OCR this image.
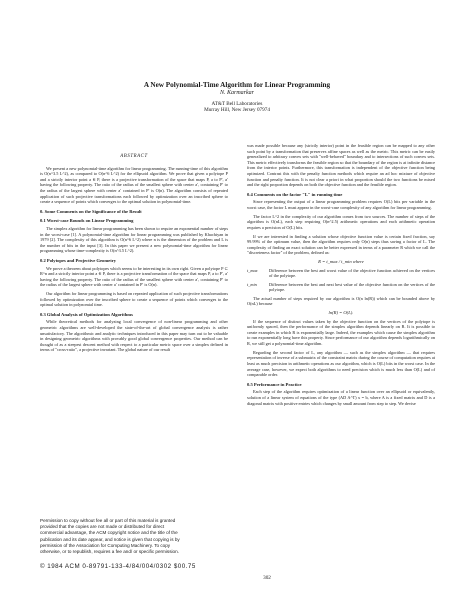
A New Polynomial-Time Algorithm for Linear Programming
N. Karmarkar
AT&T Bell Laboratories
Murray Hill, New Jersey 07974
ABSTRACT

We present a new polynomial-time algorithm for linear programming. The running-time of this algorithm is O(n^3.5 L^2), as compared to O(n^6 L^2) for the ellipsoid algorithm. We prove that given a polytope P and a strictly interior point a ∈ P, there is a projective transformation of the space that maps P, a to P′, a′ having the following property. The ratio of the radius of the smallest sphere with center a′, containing P′ to the radius of the largest sphere with center a′ contained in P′ is O(n). The algorithm consists of repeated application of such projective transformations each followed by optimization over an inscribed sphere to create a sequence of points which converges to the optimal solution in polynomial-time.

0. Some Comments on the Significance of the Result
0.1 Worst-case Bounds on Linear Programming

The simplex algorithm for linear programming has been shown to require an exponential number of steps in the worst-case [1]. A polynomial-time algorithm for linear programming was published by Khachiyan in 1979 [2]. The complexity of this algorithm is O(n^6 L^2) where n is the dimension of the problem and L is the number of bits in the input [3]. In this paper we present a new polynomial-time algorithm for linear programming whose time-complexity is O(n^3.5 L^2).

0.2 Polytopes and Projective Geometry

We prove a theorem about polytopes which seems to be interesting in its own right. Given a polytope P ⊂ R^n and a strictly interior point a ∈ P, there is a projective transformation of the space that maps P, a to P′, a′ having the following property. The ratio of the radius of the smallest sphere with center a′, containing P′ to the radius of the largest sphere with center a′ contained in P′ is O(n).

Our algorithm for linear programming is based on repeated application of such projective transformations followed by optimization over the inscribed sphere to create a sequence of points which converges to the optimal solution in polynomial time.

0.3 Global Analysis of Optimization Algorithms

While theoretical methods for analyzing local convergence of non-linear programming and other geometric algorithms are well-developed the state-of-the-art of global convergence analysis is rather unsatisfactory. The algorithmic and analytic techniques introduced in this paper may turn out to be valuable in designing geometric algorithms with provably good global convergence properties. Our method can be thought of as a steepest descent method with respect to a particular metric space over a simplex defined in terms of "cross-ratio", a projective invariant. The global nature of our result

was made possible because any (strictly interior) point in the feasible region can be mapped to any other such point by a transformation that preserves affine spaces as well as the metric. This metric can be easily generalized to arbitrary convex sets with "well-behaved" boundary and to intersections of such convex sets. This metric effectively transforms the feasible region so that the boundary of the region is at infinite distance from the interior points. Furthermore, this transformation is independent of the objective function being optimized. Contrast this with the penalty function methods which require an ad hoc mixture of objective function and penalty function. It is not clear a priori in what proportion should the two functions be mixed and the right proportion depends on both the objective function and the feasible region.

0.4 Comments on the factor "L" in running time

Since representing the output of a linear programming problem requires O(L) bits per variable in the worst case, the factor L must appear in the worst-case complexity of any algorithm for linear programming.

The factor L^2 in the complexity of our algorithm comes from two sources. The number of steps of the algorithm is O(nL), each step requiring O(n^2.5) arithmetic operations and each arithmetic operation requires a precision of O(L) bits.

If we are interested in finding a solution whose objective function value is certain fixed fraction, say 99.99% of the optimum value, then the algorithm requires only O(n) steps thus saving a factor of L. The complexity of finding an exact solution can be better expressed in terms of a parameter R which we call the "discreteness factor" of the problem, defined as:

R = t_max / t_min where
t_max	Difference between the best and worst value of the objective function achieved on the vertices of the polytope.
t_min	Difference between the best and next best value of the objective function on the vertices of the polytope.

The actual number of steps required by our algorithm is O(n ln(R)) which can be bounded above by O(nL) because

ln(R) = O(L).

If the sequence of distinct values taken by the objective function on the vertices of the polytope is uniformly spaced, then the performance of the simplex algorithm depends linearly on R. It is possible to create examples in which R is exponentially large. Indeed, the examples which cause the simplex algorithm to run exponentially long have this property. Since performance of our algorithm depends logarithmically on R, we still get a polynomial-time algorithm.

Regarding the second factor of L, any algorithm — such as the simplex algorithm — that requires representation of inverse of a submatrix of the constraint matrix during the course of computation requires at least as much precision in arithmetic operations as our algorithm, which is O(L) bits in the worst case. In the average case, however, we expect both algorithms to need precision which is much less than O(L) and of comparable order.

0.5 Performance in Practice

Each step of the algorithm requires optimization of a linear function over an ellipsoid or equivalently, solution of a linear system of equations of the type (AD A^T) x = b, where A is a fixed matrix and D is a diagonal matrix with positive entries which changes by small amount from step to step. We devise

Permission to copy without fee all or part of this material is granted
provided that the copies are not made or distributed for direct
commercial advantage, the ACM copyright notice and the title of the
publication and its date appear, and notice is given that copying is by
permission of the Association for Computing Machinery. To copy
otherwise, or to republish, requires a fee and/ or specific permission.
© 1984 ACM 0-89791-133-4/84/004/0302 $00.75
302
